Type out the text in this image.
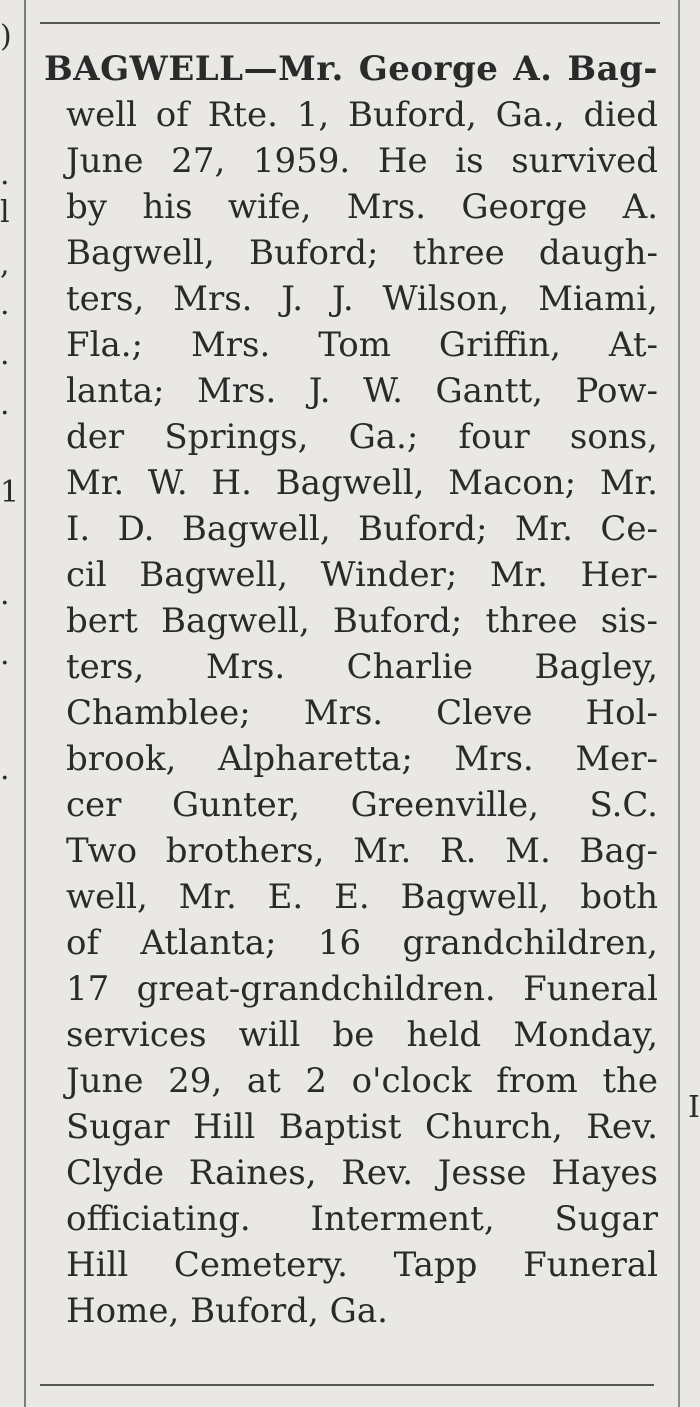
)
.
l
,
.
.
.
1
.
.
.
I
BAGWELL—Mr. George A. Bag-
well of Rte. 1, Buford, Ga., died
June 27, 1959. He is survived
by his wife, Mrs. George A.
Bagwell, Buford; three daugh-
ters, Mrs. J. J. Wilson, Miami,
Fla.; Mrs. Tom Griffin, At-
lanta; Mrs. J. W. Gantt, Pow-
der Springs, Ga.; four sons,
Mr. W. H. Bagwell, Macon; Mr.
I. D. Bagwell, Buford; Mr. Ce-
cil Bagwell, Winder; Mr. Her-
bert Bagwell, Buford; three sis-
ters, Mrs. Charlie Bagley,
Chamblee; Mrs. Cleve Hol-
brook, Alpharetta; Mrs. Mer-
cer Gunter, Greenville, S.C.
Two brothers, Mr. R. M. Bag-
well, Mr. E. E. Bagwell, both
of Atlanta; 16 grandchildren,
17 great-grandchildren. Funeral
services will be held Monday,
June 29, at 2 o'clock from the
Sugar Hill Baptist Church, Rev.
Clyde Raines, Rev. Jesse Hayes
officiating. Interment, Sugar
Hill Cemetery. Tapp Funeral
Home, Buford, Ga.
